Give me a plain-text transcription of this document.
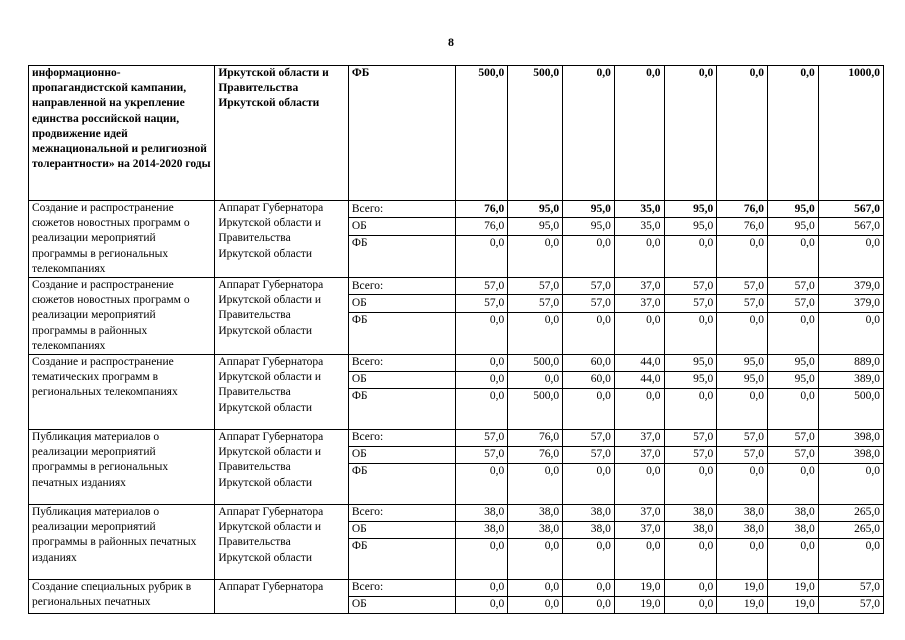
8
информационно-пропагандистской кампании, направленной на укрепление единства российской нации, продвижение идей межнациональной и религиозной толерантности» на 2014-2020 годы	Иркутской области и Правительства Иркутской области	ФБ	500,0	500,0	0,0	0,0	0,0	0,0	0,0	1000,0
Создание и распространение сюжетов новостных программ о реализации мероприятий программы в региональных телекомпаниях	Аппарат Губернатора Иркутской области и Правительства Иркутской области	Всего:	76,0	95,0	95,0	35,0	95,0	76,0	95,0	567,0
		ОБ	76,0	95,0	95,0	35,0	95,0	76,0	95,0	567,0
		ФБ	0,0	0,0	0,0	0,0	0,0	0,0	0,0	0,0
Создание и распространение сюжетов новостных программ о реализации мероприятий программы в районных телекомпаниях	Аппарат Губернатора Иркутской области и Правительства Иркутской области	Всего:	57,0	57,0	57,0	37,0	57,0	57,0	57,0	379,0
		ОБ	57,0	57,0	57,0	37,0	57,0	57,0	57,0	379,0
		ФБ	0,0	0,0	0,0	0,0	0,0	0,0	0,0	0,0
Создание и распространение тематических программ в региональных телекомпаниях	Аппарат Губернатора Иркутской области и Правительства Иркутской области	Всего:	0,0	500,0	60,0	44,0	95,0	95,0	95,0	889,0
		ОБ	0,0	0,0	60,0	44,0	95,0	95,0	95,0	389,0
		ФБ	0,0	500,0	0,0	0,0	0,0	0,0	0,0	500,0
Публикация материалов о реализации мероприятий программы в региональных печатных изданиях	Аппарат Губернатора Иркутской области и Правительства Иркутской области	Всего:	57,0	76,0	57,0	37,0	57,0	57,0	57,0	398,0
		ОБ	57,0	76,0	57,0	37,0	57,0	57,0	57,0	398,0
		ФБ	0,0	0,0	0,0	0,0	0,0	0,0	0,0	0,0
Публикация материалов о реализации мероприятий программы в районных печатных изданиях	Аппарат Губернатора Иркутской области и Правительства Иркутской области	Всего:	38,0	38,0	38,0	37,0	38,0	38,0	38,0	265,0
		ОБ	38,0	38,0	38,0	37,0	38,0	38,0	38,0	265,0
		ФБ	0,0	0,0	0,0	0,0	0,0	0,0	0,0	0,0
Создание специальных рубрик в региональных печатных	Аппарат Губернатора	Всего:	0,0	0,0	0,0	19,0	0,0	19,0	19,0	57,0
		ОБ	0,0	0,0	0,0	19,0	0,0	19,0	19,0	57,0
